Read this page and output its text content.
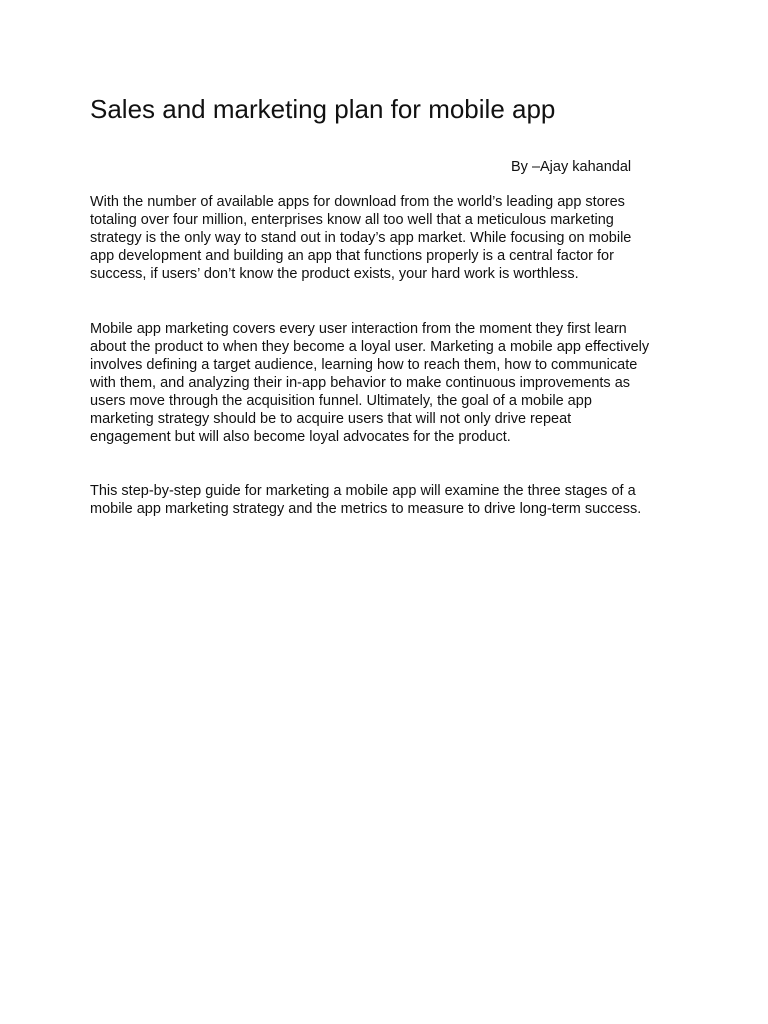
Sales and marketing plan for mobile app

By –Ajay kahandal

With the number of available apps for download from the world’s leading app stores
totaling over four million, enterprises know all too well that a meticulous marketing
strategy is the only way to stand out in today’s app market. While focusing on mobile
app development and building an app that functions properly is a central factor for
success, if users’ don’t know the product exists, your hard work is worthless.

Mobile app marketing covers every user interaction from the moment they first learn
about the product to when they become a loyal user. Marketing a mobile app effectively
involves defining a target audience, learning how to reach them, how to communicate
with them, and analyzing their in-app behavior to make continuous improvements as
users move through the acquisition funnel. Ultimately, the goal of a mobile app
marketing strategy should be to acquire users that will not only drive repeat
engagement but will also become loyal advocates for the product.

This step-by-step guide for marketing a mobile app will examine the three stages of a
mobile app marketing strategy and the metrics to measure to drive long-term success.
